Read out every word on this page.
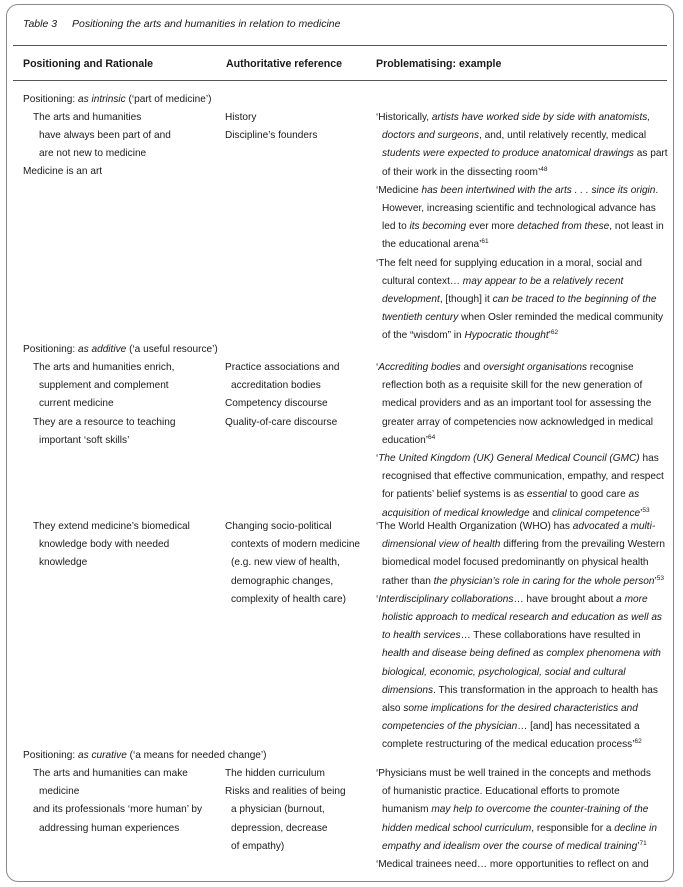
Table 3 Positioning the arts and humanities in relation to medicine
Positioning and Rationale	Authoritative reference	Problematising: example
Positioning: as intrinsic (‘part of medicine’)
The arts and humanities
have always been part of and
are not new to medicine
Medicine is an art
History
Discipline’s founders
‘Historically, artists have worked side by side with anatomists,
doctors and surgeons, and, until relatively recently, medical
students were expected to produce anatomical drawings as part
of their work in the dissecting room’$^{48}$
‘Medicine has been intertwined with the arts . . . since its origin.
However, increasing scientific and technological advance has
led to its becoming ever more detached from these, not least in
the educational arena’$^{61}$
‘The felt need for supplying education in a moral, social and
cultural context… may appear to be a relatively recent
development, [though] it can be traced to the beginning of the
twentieth century when Osler reminded the medical community
of the “wisdom” in Hypocratic thought’$^{62}$
Positioning: as additive (‘a useful resource’)
The arts and humanities enrich,
supplement and complement
current medicine
They are a resource to teaching
important ‘soft skills’
Practice associations and
accreditation bodies
Competency discourse
Quality-of-care discourse
‘Accrediting bodies and oversight organisations recognise
reflection both as a requisite skill for the new generation of
medical providers and as an important tool for assessing the
greater array of competencies now acknowledged in medical
education’$^{64}$
‘The United Kingdom (UK) General Medical Council (GMC) has
recognised that effective communication, empathy, and respect
for patients’ belief systems is as essential to good care as
acquisition of medical knowledge and clinical competence’$^{53}$
They extend medicine’s biomedical
knowledge body with needed
knowledge
Changing socio-political
contexts of modern medicine
(e.g. new view of health,
demographic changes,
complexity of health care)
‘The World Health Organization (WHO) has advocated a multi-
dimensional view of health differing from the prevailing Western
biomedical model focused predominantly on physical health
rather than the physician’s role in caring for the whole person’$^{53}$
‘Interdisciplinary collaborations… have brought about a more
holistic approach to medical research and education as well as
to health services… These collaborations have resulted in
health and disease being defined as complex phenomena with
biological, economic, psychological, social and cultural
dimensions. This transformation in the approach to health has
also some implications for the desired characteristics and
competencies of the physician… [and] has necessitated a
complete restructuring of the medical education process’$^{62}$
Positioning: as curative (‘a means for needed change’)
The arts and humanities can make
medicine
and its professionals ‘more human’ by
addressing human experiences
The hidden curriculum
Risks and realities of being
a physician (burnout,
depression, decrease
of empathy)
‘Physicians must be well trained in the concepts and methods
of humanistic practice. Educational efforts to promote
humanism may help to overcome the counter-training of the
hidden medical school curriculum, responsible for a decline in
empathy and idealism over the course of medical training’$^{71}$
‘Medical trainees need… more opportunities to reflect on and
